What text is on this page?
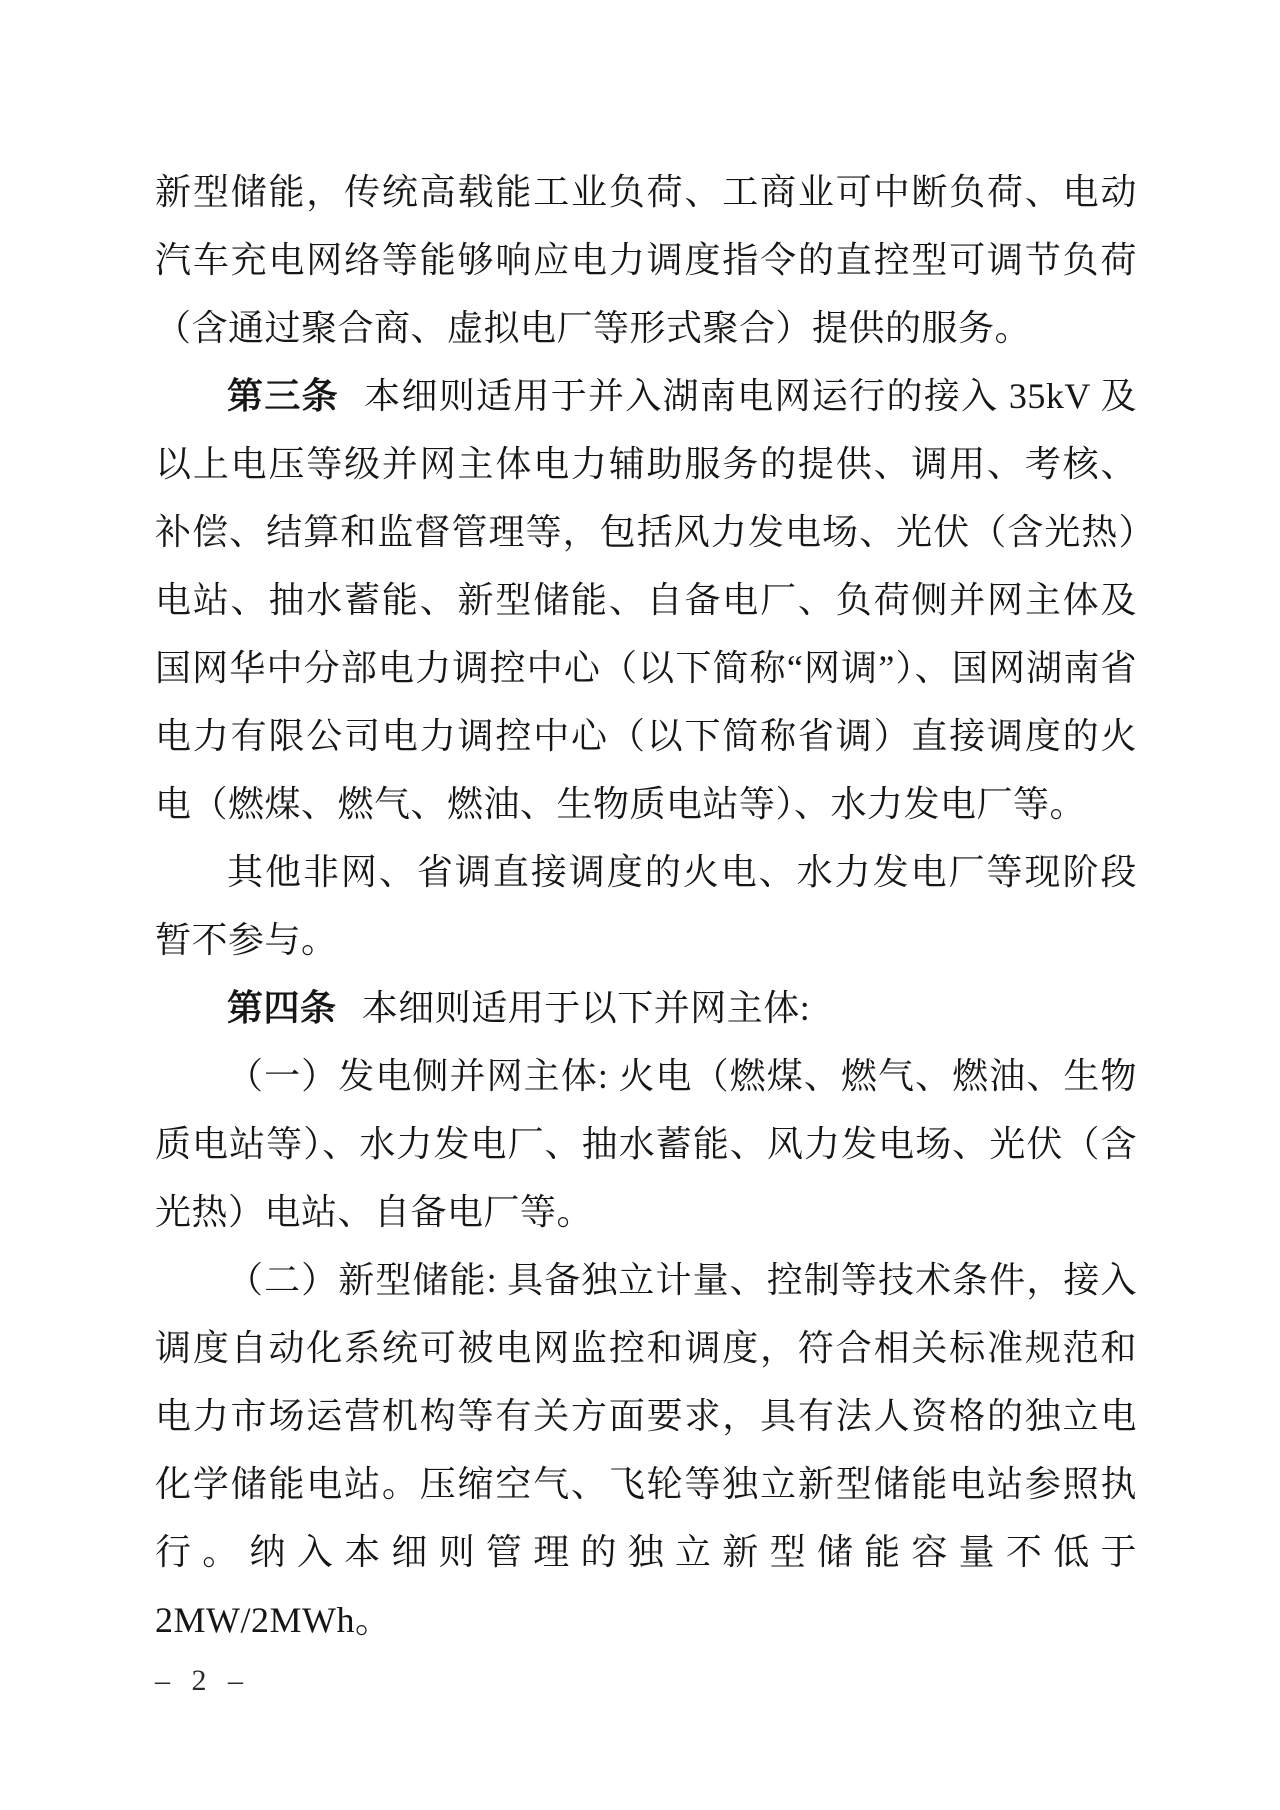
新型储能，传统高载能工业负荷、工商业可中断负荷、电动汽车充电网络等能够响应电力调度指令的直控型可调节负荷（含通过聚合商、虚拟电厂等形式聚合）提供的服务。

第三条 本细则适用于并入湖南电网运行的接入 35kV 及以上电压等级并网主体电力辅助服务的提供、调用、考核、补偿、结算和监督管理等，包括风力发电场、光伏（含光热）电站、抽水蓄能、新型储能、自备电厂、负荷侧并网主体及国网华中分部电力调控中心（以下简称“网调”）、国网湖南省电力有限公司电力调控中心（以下简称省调）直接调度的火电（燃煤、燃气、燃油、生物质电站等）、水力发电厂等。

其他非网、省调直接调度的火电、水力发电厂等现阶段暂不参与。

第四条 本细则适用于以下并网主体:

（一）发电侧并网主体: 火电（燃煤、燃气、燃油、生物质电站等）、水力发电厂、抽水蓄能、风力发电场、光伏（含光热）电站、自备电厂等。

（二）新型储能: 具备独立计量、控制等技术条件，接入调度自动化系统可被电网监控和调度，符合相关标准规范和电力市场运营机构等有关方面要求，具有法人资格的独立电化学储能电站。压缩空气、飞轮等独立新型储能电站参照执行。纳入本细则管理的独立新型储能容量不低于 2MW/2MWh。

– 2 –
